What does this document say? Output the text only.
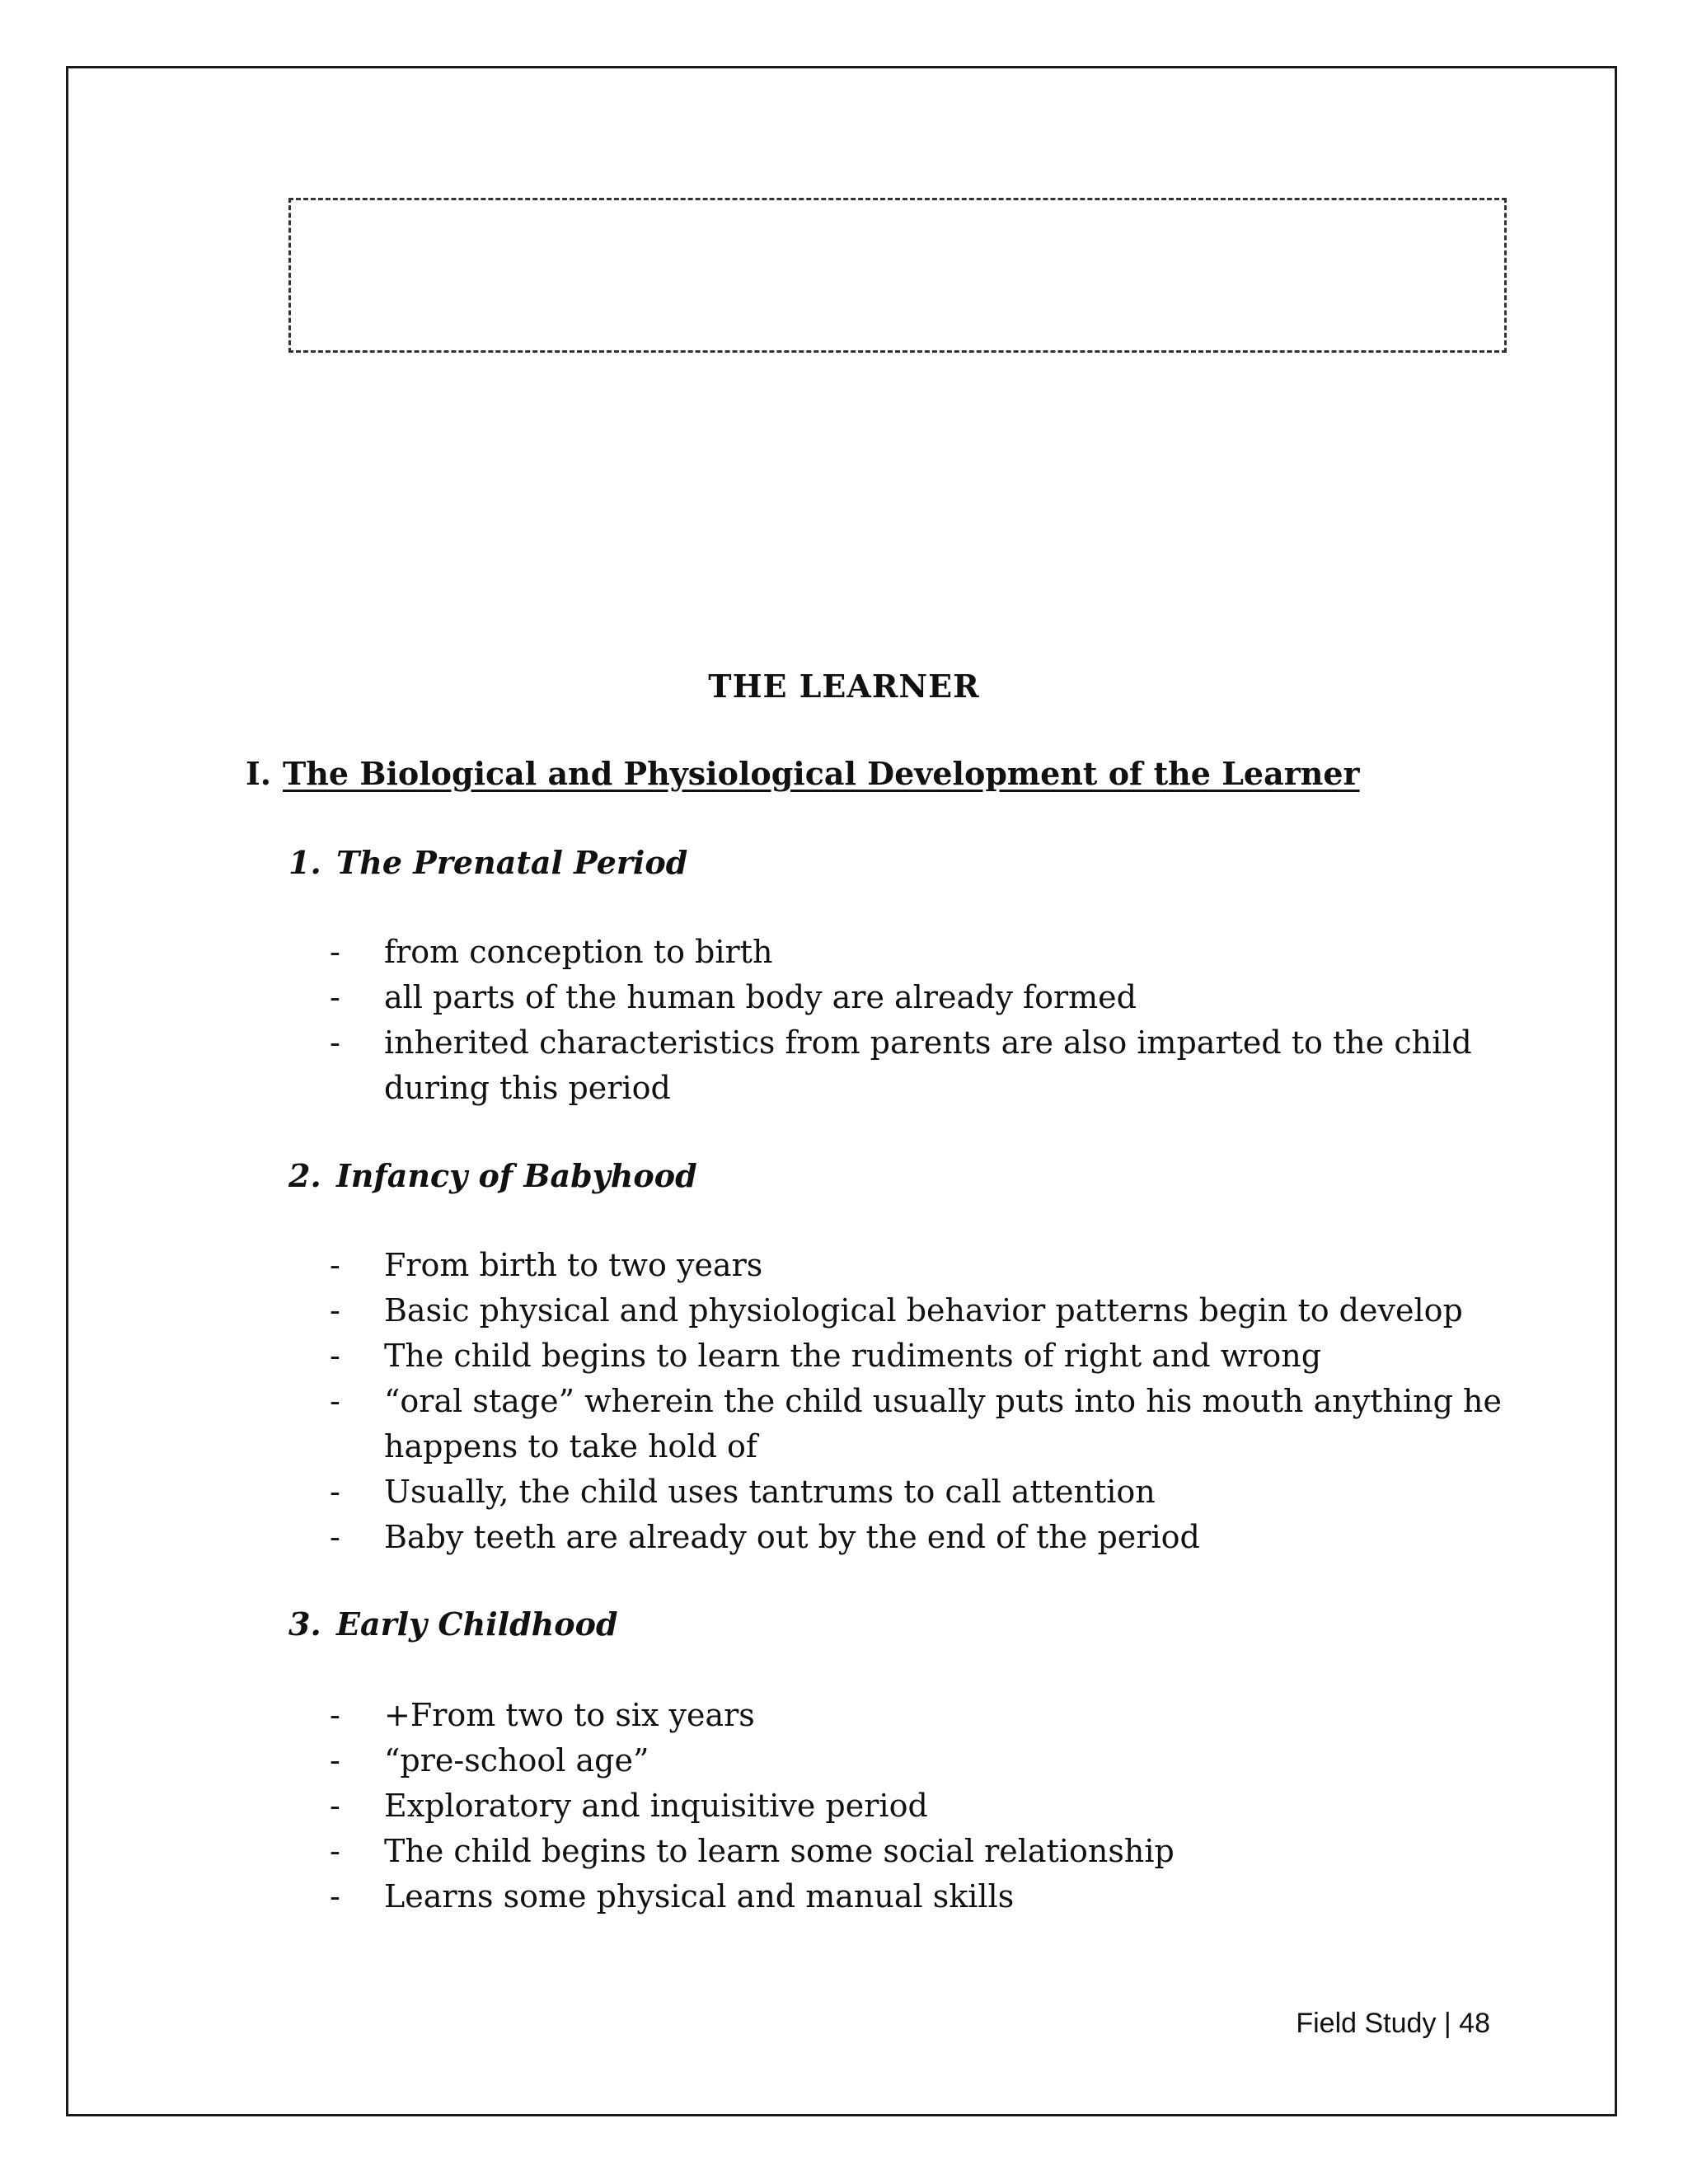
THE LEARNER
I. The Biological and Physiological Development of the Learner
1. The Prenatal Period
- from conception to birth
- all parts of the human body are already formed
- inherited characteristics from parents are also imparted to the child during this period
2. Infancy of Babyhood
- From birth to two years
- Basic physical and physiological behavior patterns begin to develop
- The child begins to learn the rudiments of right and wrong
- “oral stage” wherein the child usually puts into his mouth anything he happens to take hold of
- Usually, the child uses tantrums to call attention
- Baby teeth are already out by the end of the period
3. Early Childhood
- +From two to six years
- “pre-school age”
- Exploratory and inquisitive period
- The child begins to learn some social relationship
- Learns some physical and manual skills
Field Study | 48
